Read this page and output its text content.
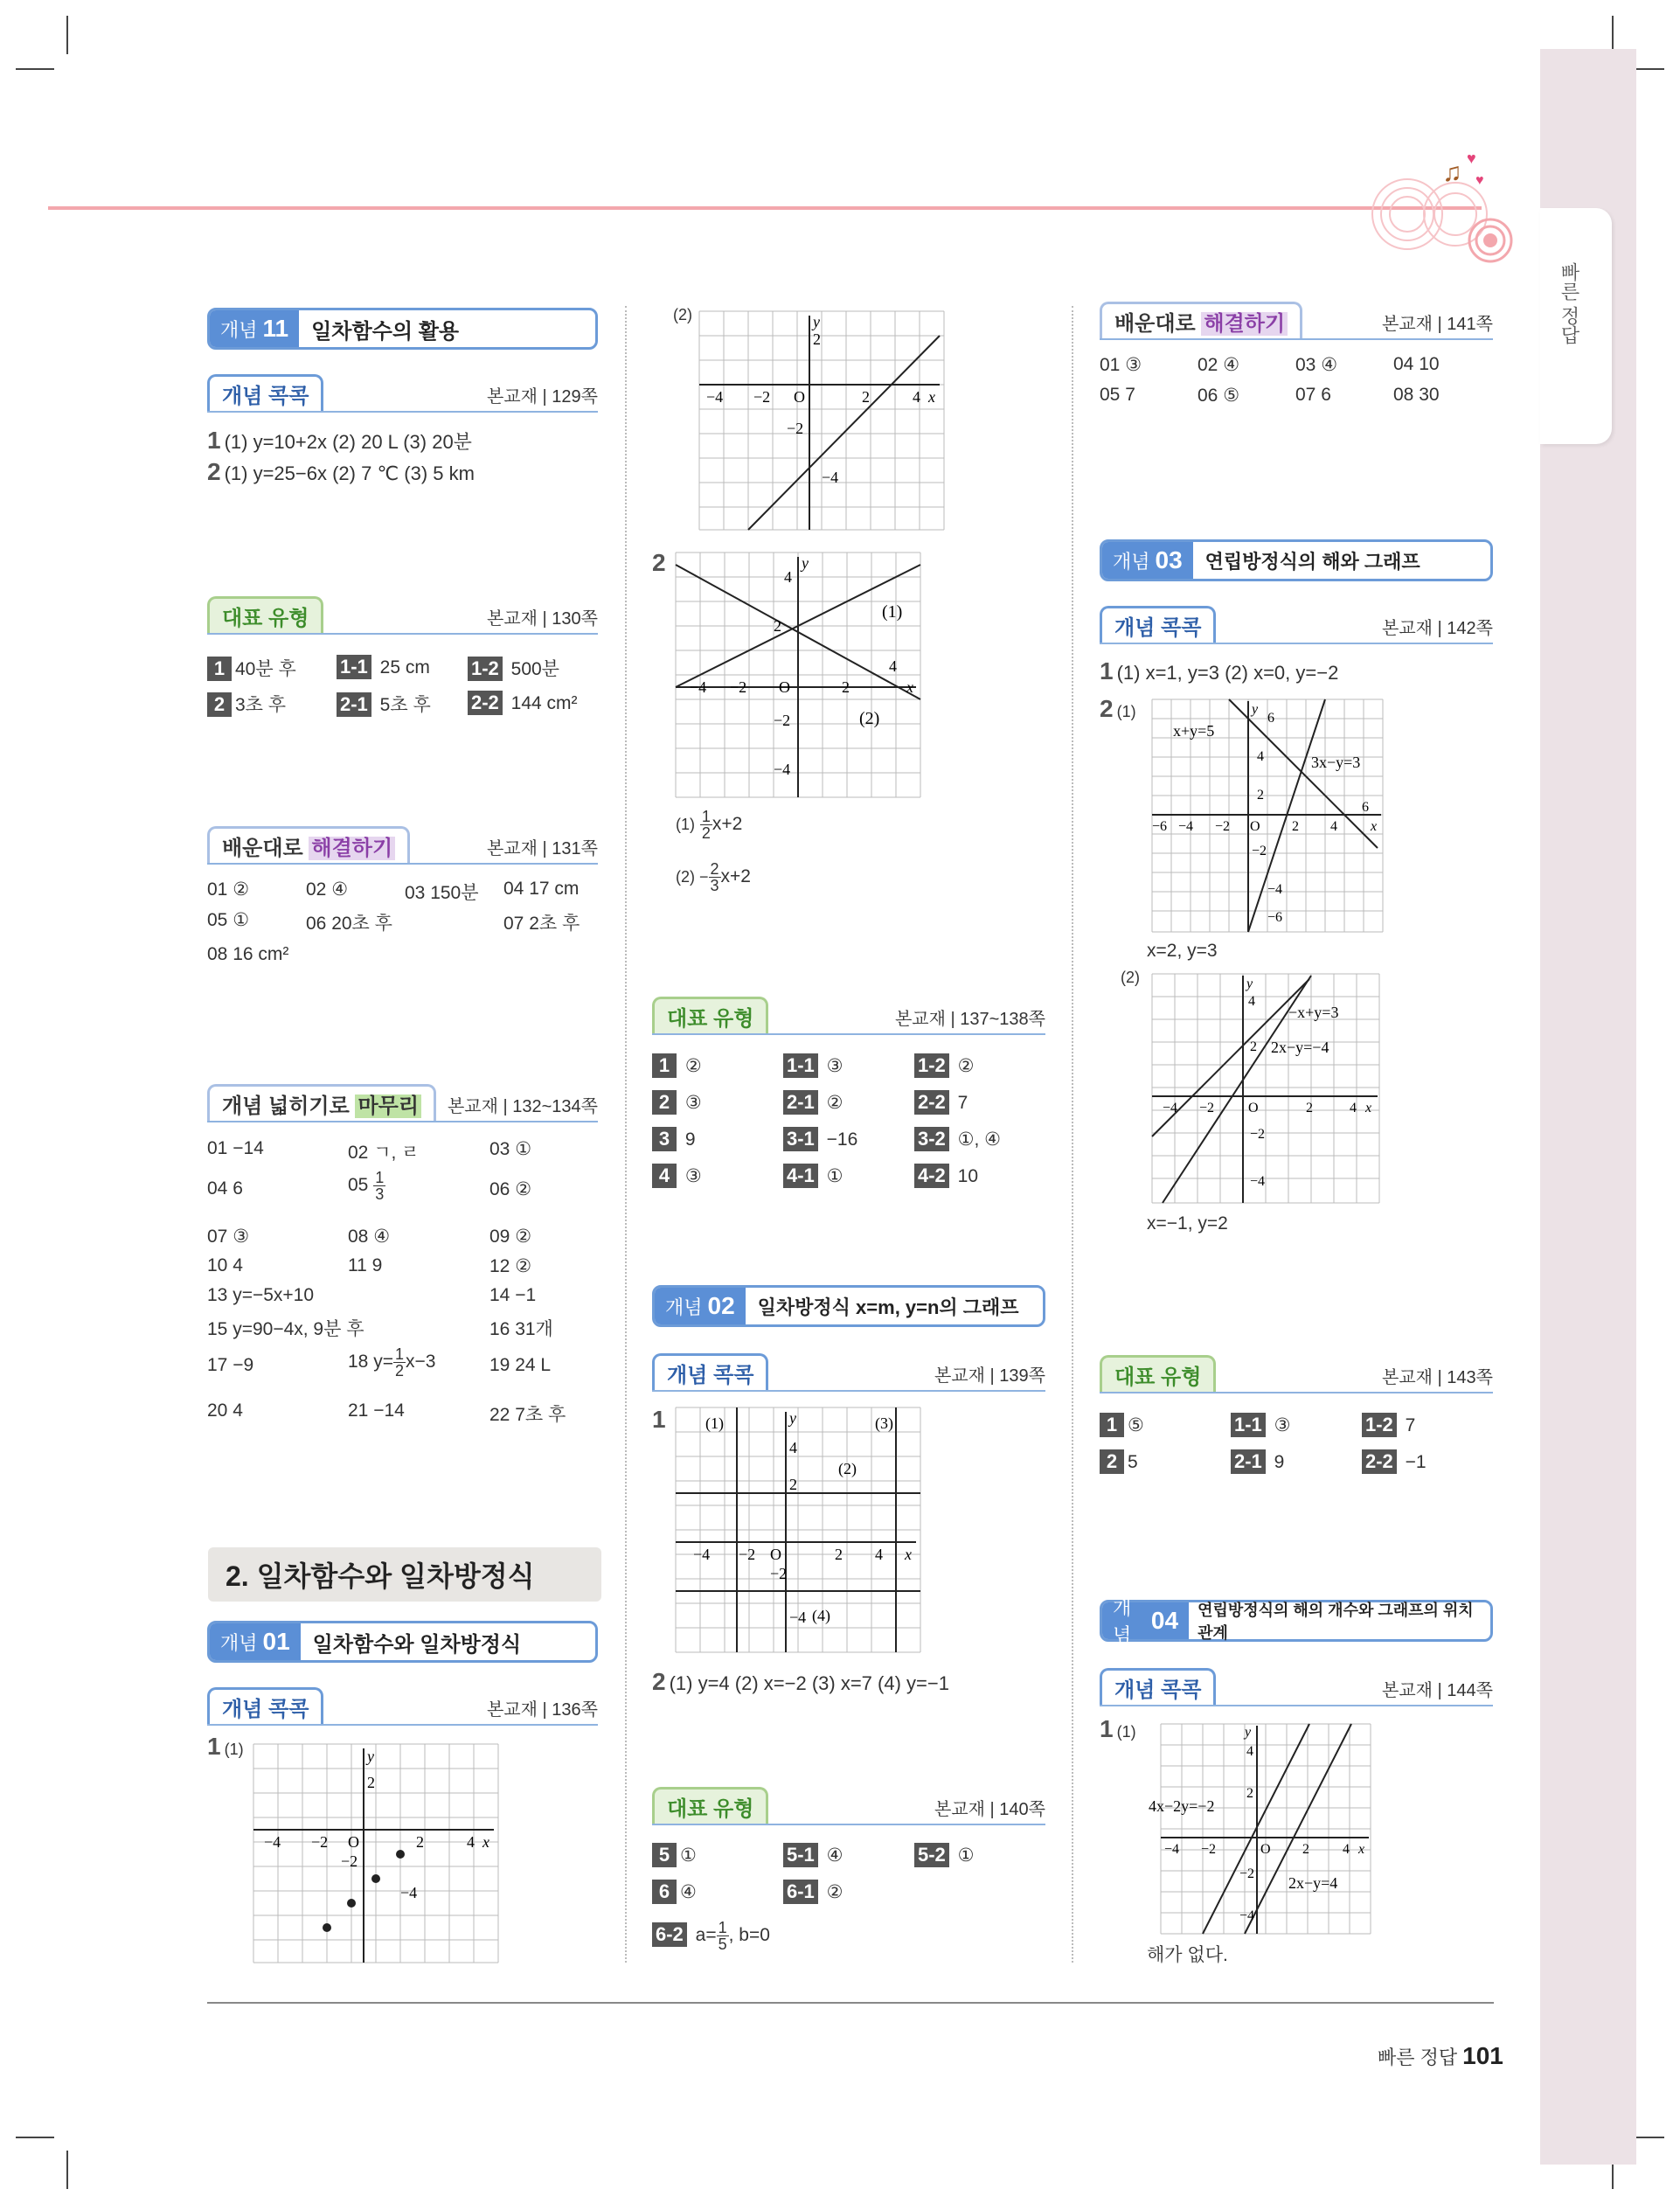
빠른 정답
♫ ♥
♥
개념 11 일차함수의 활용
개념 콕콕	본교재 | 129쪽
1 (1) y=10+2x (2) 20 L (3) 20분
2 (1) y=25−6x (2) 7 ℃ (3) 5 km
대표 유형	본교재 | 130쪽
1 40분 후 1-1 25 cm 1-2 500분
2 3초 후	2-1 5초 후 2-2 144 cm²
배운대로 해결하기	본교재 | 131쪽
01 ②	02 ④	03 150분 04 17 cm
05 ①	06 20초 후	07 2초 후
08 16 cm²
개념 넓히기로 마무리	본교재 | 132~134쪽
01 −14	02 ㄱ, ㄹ	03 ①
04 6	$05 \frac{1}{3}$	06 ②
07 ③	08 ④	09 ②
10 4	11 9	12 ②
13 y=−5x+10	14 −1
15 y=90−4x, 9분 후	16 31개
17 −9	18 $y= \frac{1}{2} x-3$	19 24 L
20 4	21 −14	22 7초 후
2. 일차함수와 일차방정식
개념 01 일차함수와 일차방정식
개념 콕콕	본교재 | 136쪽
1 (1)
−4 −2 O	2	4 x
y
2
−2
−4
(2)
−4 −2 O	2	4 x
y
2
−2
−4
2
−4 −2 O	2
4
x
y
4
2
−2
−4
(1)
(2)
$(1) \frac{1}{2} x+2$
$(2) - \frac{2}{3} x+2$
대표 유형	본교재 | 137~138쪽
1 ②	1-1 ③	1-2 ②
2 ③	2-1 ②	2-2 7
3 9	3-1 −16	3-2 ①, ④
4 ③	4-1 ①	4-2 10
개념 02 일차방정식 x=m, y=n의 그래프
개념 콕콕	본교재 | 139쪽
1
−4 −2 O	2 4 x
y
4
2
−2
−4
(1)	(3)
(2)
(4)
2 (1) y=4 (2) x=−2 (3) x=7 (4) y=−1
대표 유형	본교재 | 140쪽
5 ①	5-1 ④	5-2 ①
6 ④	6-1 ②
6-2 $a= \frac{1}{5}$ , b=0
배운대로 해결하기	본교재 | 141쪽
01 ③	02 ④	03 ④	04 10
05 7	06 ⑤	07 6	08 30
개념 03 연립방정식의 해와 그래프
개념 콕콕	본교재 | 142쪽
1 (1) x=1, y=3 (2) x=0, y=−2
2 (1)
−6 −4 −2 O 2 4
6
x
y
6
4
2
−2
−4
−6
x+y=5
3x−y=3
x=2, y=3
(2)
−4 −2 O	2	4 x
y
4
2
−2
−4
−x+y=3
2x−y=−4
x=−1, y=2
대표 유형	본교재 | 143쪽
1 ⑤	1-1 ③	1-2 7
2 5	2-1 9	2-2 −1
개념
04 연립방정식의 해의 개수와 그래프의 위치 관계
개념 콕콕	본교재 | 144쪽
1 (1)
−4 −2	O 2 4 x
y
4
2
−2
−4
4x−2y=−2
2x−y=4
해가 없다.
빠른 정답 101
